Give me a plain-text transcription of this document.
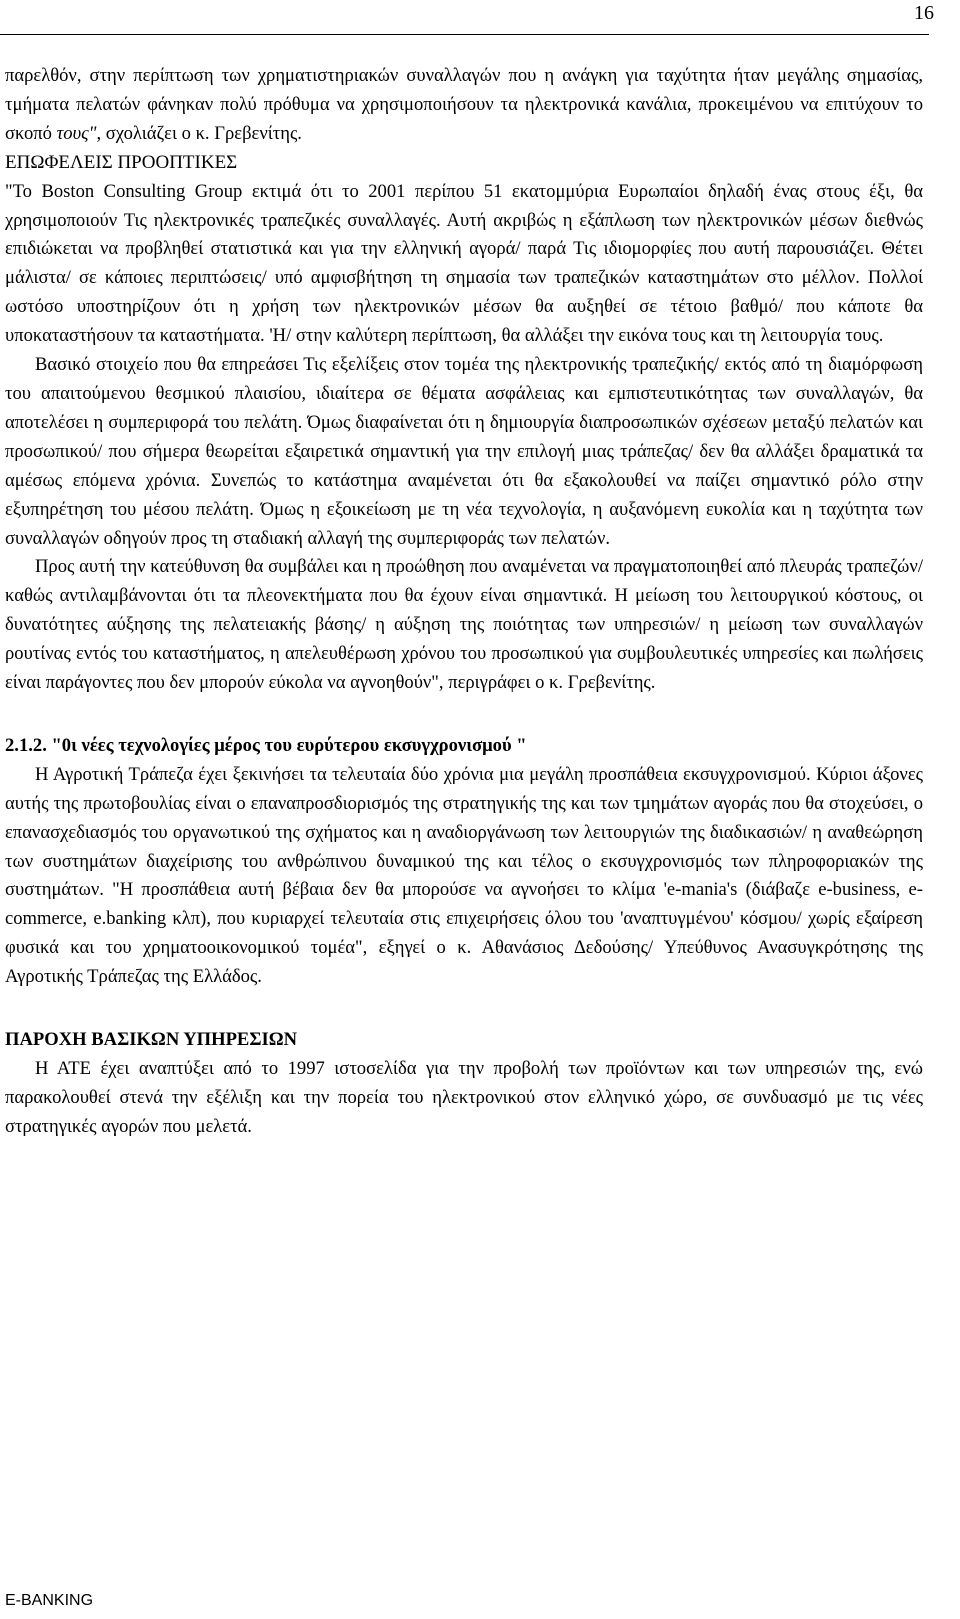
16

παρελθόν, στην περίπτωση των χρηματιστηριακών συναλλαγών που η ανάγκη για ταχύτητα ήταν μεγάλης σημασίας, τμήματα πελατών φάνηκαν πολύ πρόθυμα να χρησιμοποιήσουν τα ηλεκτρονικά κανάλια, προκειμένου να επιτύχουν το σκοπό τους", σχολιάζει ο κ. Γρεβενίτης.

ΕΠΩΦΕΛΕΙΣ ΠΡΟΟΠΤΙΚΕΣ

"Το Boston Consulting Group εκτιμά ότι το 2001 περίπου 51 εκατομμύρια Ευρωπαίοι δηλαδή ένας στους έξι, θα χρησιμοποιούν Τις ηλεκτρονικές τραπεζικές συναλλαγές. Αυτή ακριβώς η εξάπλωση των ηλεκτρονικών μέσων διεθνώς επιδιώκεται να προβληθεί στατιστικά και για την ελληνική αγορά/ παρά Τις ιδιομορφίες που αυτή παρουσιάζει. Θέτει μάλιστα/ σε κάποιες περιπτώσεις/ υπό αμφισβήτηση τη σημασία των τραπεζικών καταστημάτων στο μέλλον. Πολλοί ωστόσο υποστηρίζουν ότι η χρήση των ηλεκτρονικών μέσων θα αυξηθεί σε τέτοιο βαθμό/ που κάποτε θα υποκαταστήσουν τα καταστήματα. 'Η/ στην καλύτερη περίπτωση, θα αλλάξει την εικόνα τους και τη λειτουργία τους.

Βασικό στοιχείο που θα επηρεάσει Τις εξελίξεις στον τομέα της ηλεκτρονικής τραπεζικής/ εκτός από τη διαμόρφωση του απαιτούμενου θεσμικού πλαισίου, ιδιαίτερα σε θέματα ασφάλειας και εμπιστευτικότητας των συναλλαγών, θα αποτελέσει η συμπεριφορά του πελάτη. Όμως διαφαίνεται ότι η δημιουργία διαπροσωπικών σχέσεων μεταξύ πελατών και προσωπικού/ που σήμερα θεωρείται εξαιρετικά σημαντική για την επιλογή μιας τράπεζας/ δεν θα αλλάξει δραματικά τα αμέσως επόμενα χρόνια. Συνεπώς το κατάστημα αναμένεται ότι θα εξακολουθεί να παίζει σημαντικό ρόλο στην εξυπηρέτηση του μέσου πελάτη. Όμως η εξοικείωση με τη νέα τεχνολογία, η αυξανόμενη ευκολία και η ταχύτητα των συναλλαγών οδηγούν προς τη σταδιακή αλλαγή της συμπεριφοράς των πελατών.

Προς αυτή την κατεύθυνση θα συμβάλει και η προώθηση που αναμένεται να πραγματοποιηθεί από πλευράς τραπεζών/ καθώς αντιλαμβάνονται ότι τα πλεονεκτήματα που θα έχουν είναι σημαντικά. Η μείωση του λειτουργικού κόστους, οι δυνατότητες αύξησης της πελατειακής βάσης/ η αύξηση της ποιότητας των υπηρεσιών/ η μείωση των συναλλαγών ρουτίνας εντός του καταστήματος, η απελευθέρωση χρόνου του προσωπικού για συμβουλευτικές υπηρεσίες και πωλήσεις είναι παράγοντες που δεν μπορούν εύκολα να αγνοηθούν", περιγράφει ο κ. Γρεβενίτης.

2.1.2. "0ι νέες τεχνολογίες μέρος του ευρύτερου εκσυγχρονισμού "

Η Αγροτική Τράπεζα έχει ξεκινήσει τα τελευταία δύο χρόνια μια μεγάλη προσπάθεια εκσυγχρονισμού. Κύριοι άξονες αυτής της πρωτοβουλίας είναι ο επαναπροσδιορισμός της στρατηγικής της και των τμημάτων αγοράς που θα στοχεύσει, ο επανασχεδιασμός του οργανωτικού της σχήματος και η αναδιοργάνωση των λειτουργιών της διαδικασιών/ η αναθεώρηση των συστημάτων διαχείρισης του ανθρώπινου δυναμικού της και τέλος ο εκσυγχρονισμός των πληροφοριακών της συστημάτων. "Η προσπάθεια αυτή βέβαια δεν θα μπορούσε να αγνοήσει το κλίμα 'e-mania's (διάβαζε e-business, e-commerce, e.banking κλπ), που κυριαρχεί τελευταία στις επιχειρήσεις όλου του 'αναπτυγμένου' κόσμου/ χωρίς εξαίρεση φυσικά και του χρηματοοικονομικού τομέα", εξηγεί ο κ. Αθανάσιος Δεδούσης/ Υπεύθυνος Ανασυγκρότησης της Αγροτικής Τράπεζας της Ελλάδος.

ΠΑΡΟΧΗ ΒΑΣΙΚΩΝ ΥΠΗΡΕΣΙΩΝ

Η ΑΤΕ έχει αναπτύξει από το 1997 ιστοσελίδα για την προβολή των προϊόντων και των υπηρεσιών της, ενώ παρακολουθεί στενά την εξέλιξη και την πορεία του ηλεκτρονικού στον ελληνικό χώρο, σε συνδυασμό με τις νέες στρατηγικές αγορών που μελετά.

E-BANKING
